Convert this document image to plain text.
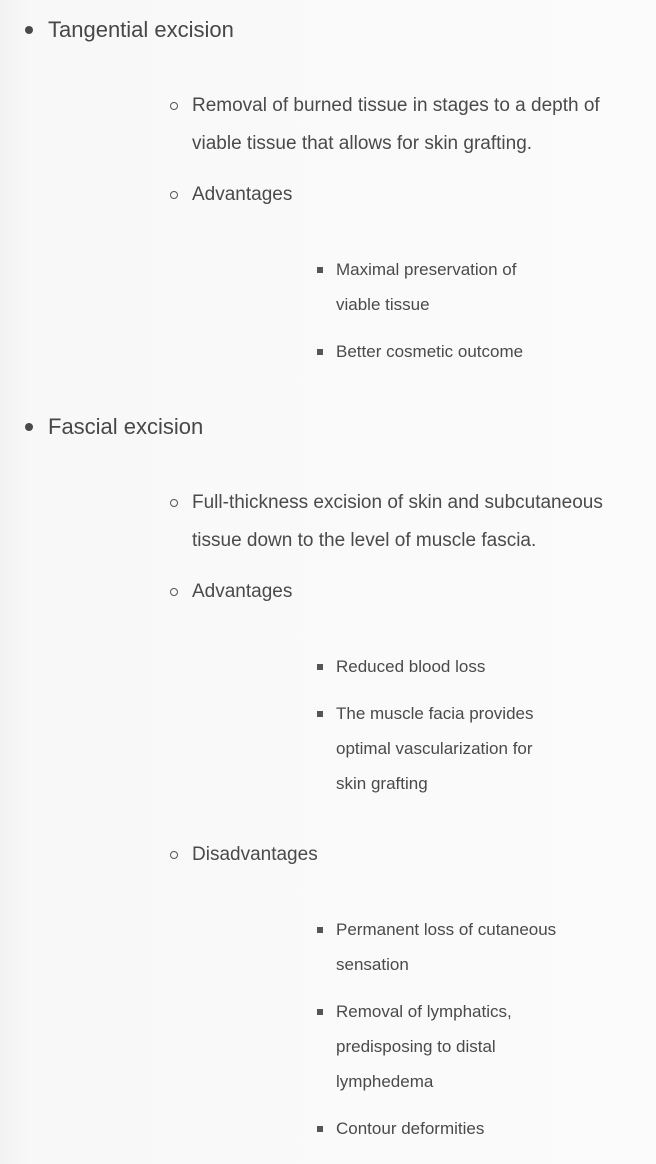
Tangential excision
Removal of burned tissue in stages to a depth of viable tissue that allows for skin grafting.
Advantages
Maximal preservation of viable tissue
Better cosmetic outcome
Fascial excision
Full-thickness excision of skin and subcutaneous tissue down to the level of muscle fascia.
Advantages
Reduced blood loss
The muscle facia provides optimal vascularization for skin grafting
Disadvantages
Permanent loss of cutaneous sensation
Removal of lymphatics, predisposing to distal lymphedema
Contour deformities
